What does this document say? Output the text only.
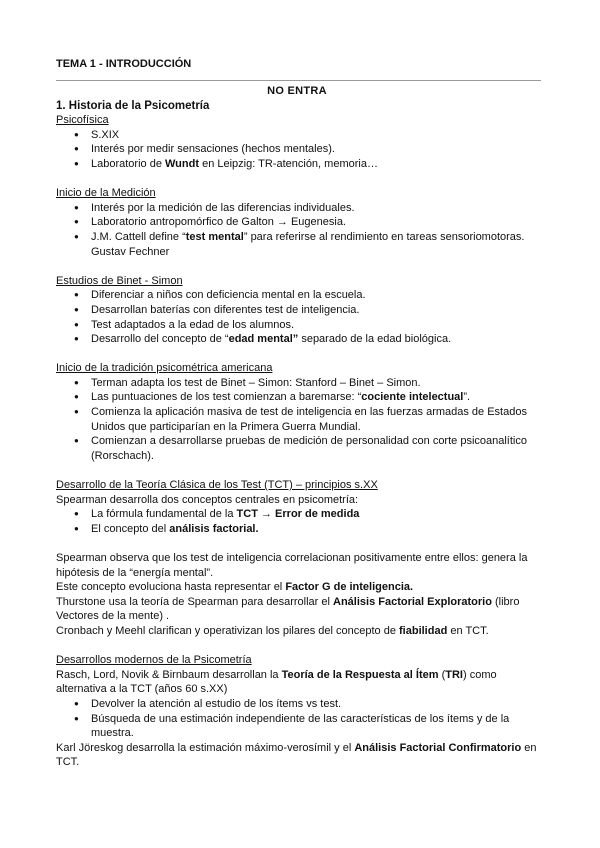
TEMA 1 - INTRODUCCIÓN
NO ENTRA
1. Historia de la Psicometría
Psicofísica
● S.XIX
● Interés por medir sensaciones (hechos mentales).
● Laboratorio de Wundt en Leipzig: TR-atención, memoria…
Inicio de la Medición
● Interés por la medición de las diferencias individuales.
● Laboratorio antropomórfico de Galton → Eugenesia.
● J.M. Cattell define “test mental” para referirse al rendimiento en tareas sensoriomotoras. Gustav Fechner
Estudios de Binet - Simon
● Diferenciar a niños con deficiencia mental en la escuela.
● Desarrollan baterías con diferentes test de inteligencia.
● Test adaptados a la edad de los alumnos.
● Desarrollo del concepto de “edad mental” separado de la edad biológica.
Inicio de la tradición psicométrica americana
● Terman adapta los test de Binet – Simon: Stanford – Binet – Simon.
● Las puntuaciones de los test comienzan a baremarse: “cociente intelectual”.
● Comienza la aplicación masiva de test de inteligencia en las fuerzas armadas de Estados Unidos que participarían en la Primera Guerra Mundial.
● Comienzan a desarrollarse pruebas de medición de personalidad con corte psicoanalítico (Rorschach).
Desarrollo de la Teoría Clásica de los Test (TCT) – principios s.XX

Spearman desarrolla dos conceptos centrales en psicometría:

● La fórmula fundamental de la TCT → Error de medida
● El concepto del análisis factorial.

Spearman observa que los test de inteligencia correlacionan positivamente entre ellos: genera la hipótesis de la “energía mental”.

Este concepto evoluciona hasta representar el Factor G de inteligencia.

Thurstone usa la teoría de Spearman para desarrollar el Análisis Factorial Exploratorio (libro Vectores de la mente) .

Cronbach y Meehl clarifican y operativizan los pilares del concepto de fiabilidad en TCT.

Desarrollos modernos de la Psicometría

Rasch, Lord, Novik & Birnbaum desarrollan la Teoría de la Respuesta al Ítem (TRI) como alternativa a la TCT (años 60 s.XX)

● Devolver la atención al estudio de los ítems vs test.
● Búsqueda de una estimación independiente de las características de los ítems y de la muestra.

Karl Jöreskog desarrolla la estimación máximo-verosímil y el Análisis Factorial Confirmatorio en TCT.
